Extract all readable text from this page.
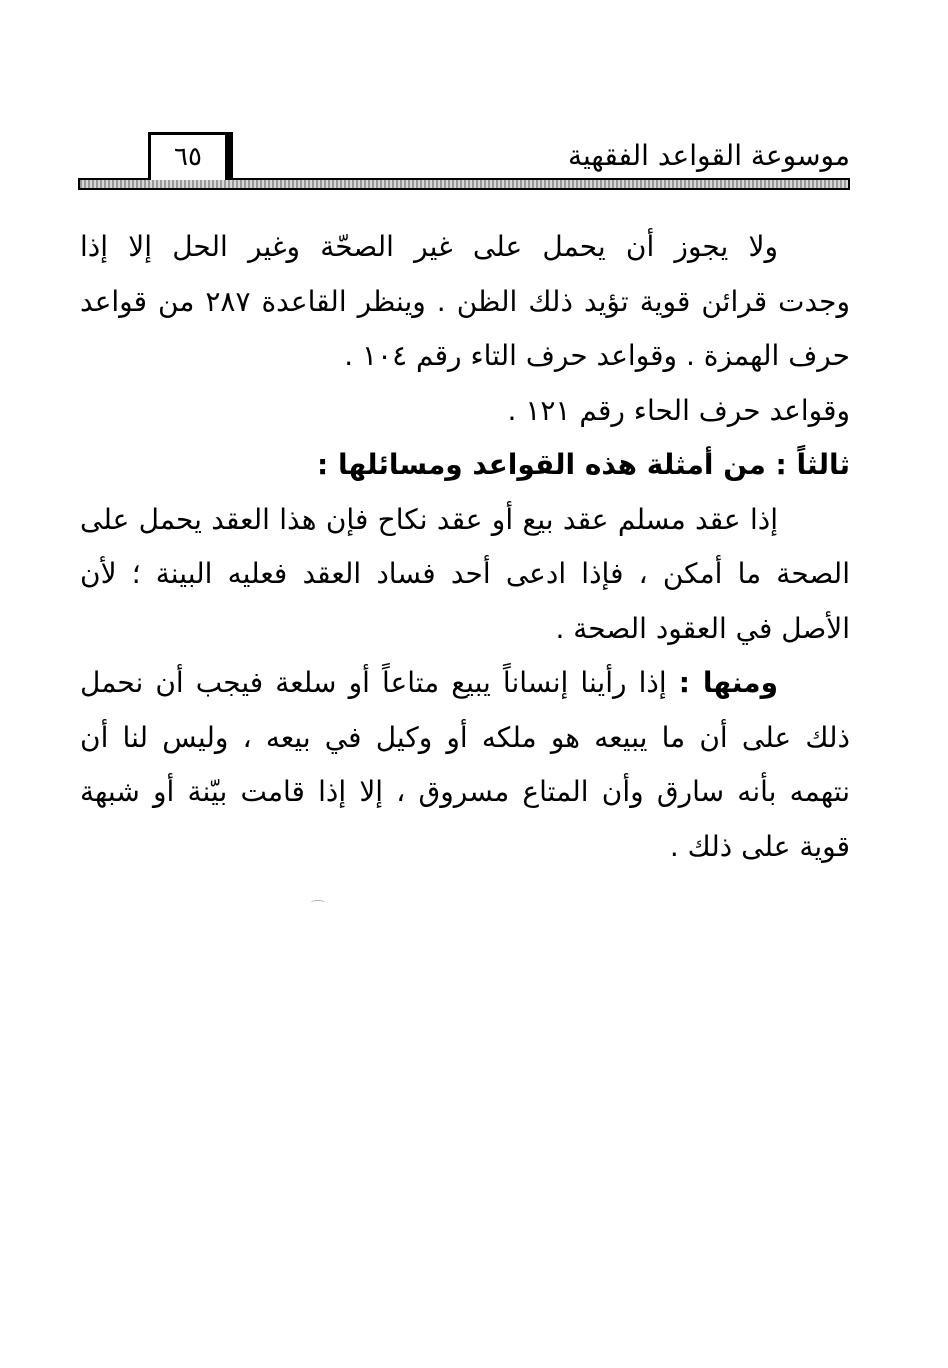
موسوعة القواعد الفقهية
٦٥
ولا يجوز أن يحمل على غير الصحّة وغير الحل إلا إذا
وجدت قرائن قوية تؤيد ذلك الظن . وينظر القاعدة ٢٨٧ من قواعد
حرف الهمزة . وقواعد حرف التاء رقم ١٠٤ .
وقواعد حرف الحاء رقم ١٢١ .
ثالثاً : من أمثلة هذه القواعد ومسائلها :
إذا عقد مسلم عقد بيع أو عقد نكاح فإن هذا العقد يحمل على
الصحة ما أمكن ، فإذا ادعى أحد فساد العقد فعليه البينة ؛ لأن
الأصل في العقود الصحة .
ومنها : إذا رأينا إنساناً يبيع متاعاً أو سلعة فيجب أن نحمل
ذلك على أن ما يبيعه هو ملكه أو وكيل في بيعه ، وليس لنا أن
نتهمه بأنه سارق وأن المتاع مسروق ، إلا إذا قامت بيّنة أو شبهة
قوية على ذلك .
